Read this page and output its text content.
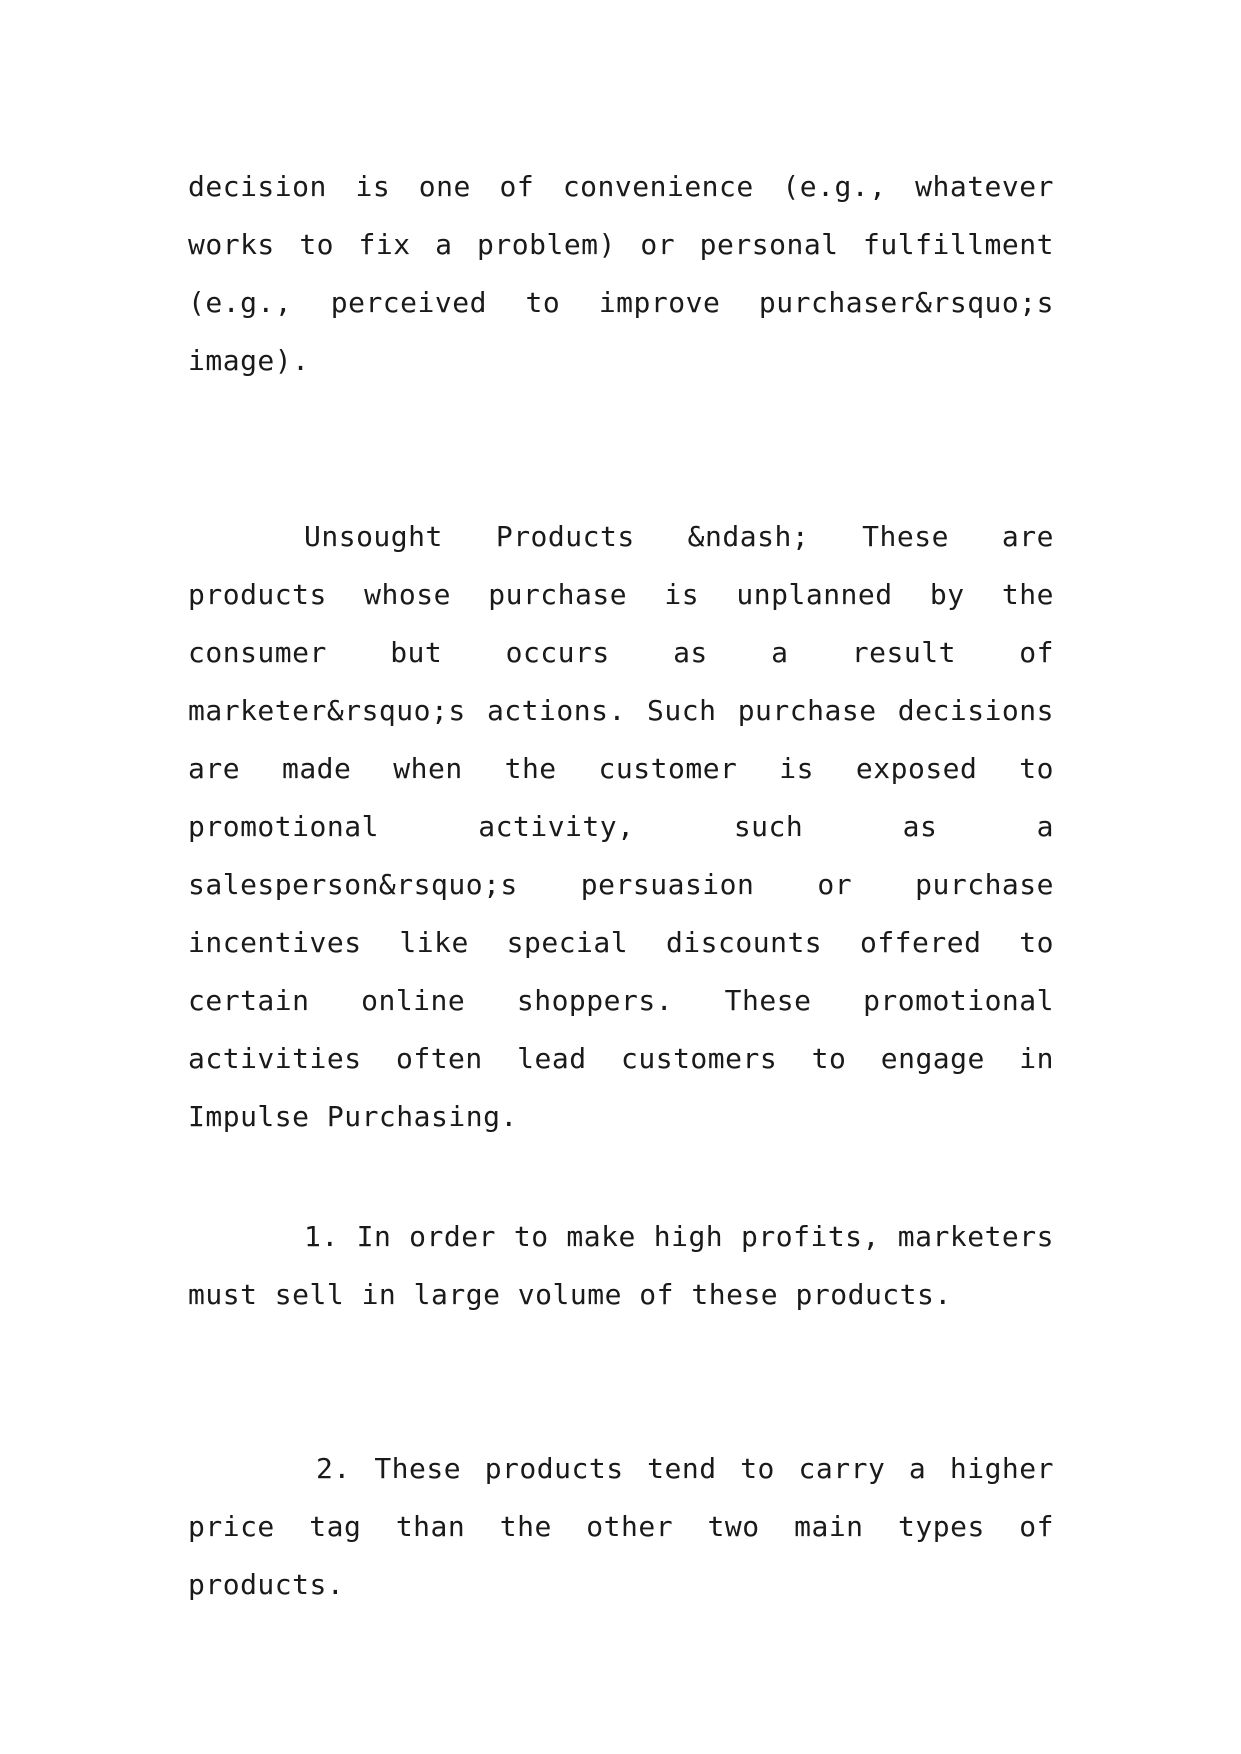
decision is one of convenience (e.g., whatever works to fix a problem) or personal fulfillment (e.g., perceived to improve purchaser&rsquo;s image).

Unsought Products &ndash; These are products whose purchase is unplanned by the consumer but occurs as a result of marketer&rsquo;s actions. Such purchase decisions are made when the customer is exposed to promotional activity, such as a salesperson&rsquo;s persuasion or purchase incentives like special discounts offered to certain online shoppers. These promotional activities often lead customers to engage in Impulse Purchasing.

1. In order to make high profits, marketers must sell in large volume of these products.

2. These products tend to carry a higher price tag than the other two main types of products.
